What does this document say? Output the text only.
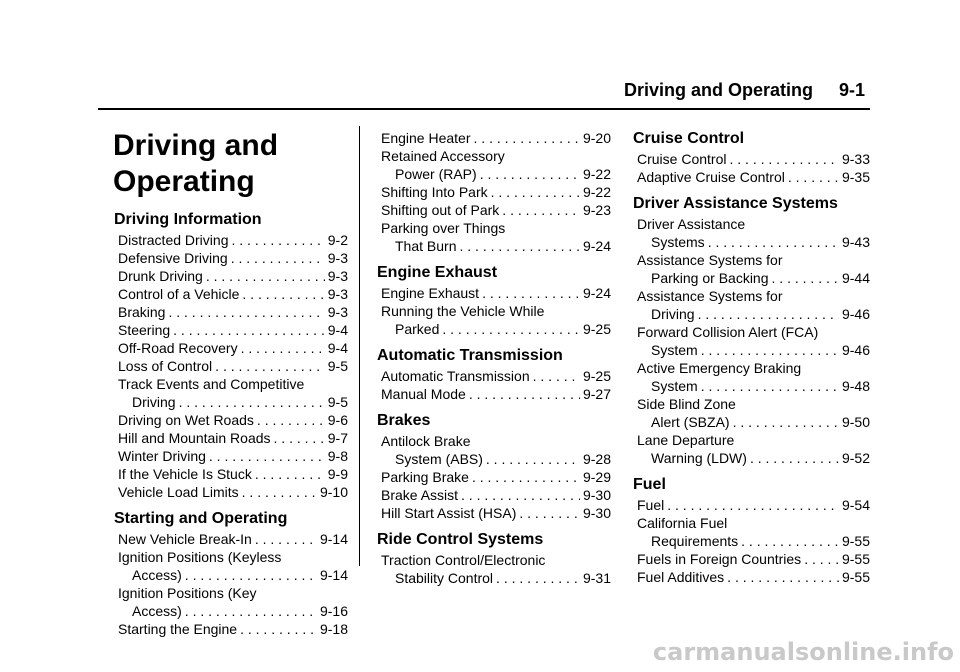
Driving and Operating 9-1
Driving and
Operating
Driving Information
Distracted Driving . . .	9-2
Defensive Driving . . .	9-3
Drunk Driving . . .	9-3
Control of a Vehicle . . .	9-3
Braking . . .	9-3
Steering . . .	9-4
Off-Road Recovery . . .	9-4
Loss of Control . . .	9-5
Track Events and Competitive
Driving . . .	9-5
Driving on Wet Roads . . .	9-6
Hill and Mountain Roads . . .	9-7
Winter Driving . . .	9-8
If the Vehicle Is Stuck . . .	9-9
Vehicle Load Limits . . .	9-10
Starting and Operating
New Vehicle Break-In . . .	9-14
Ignition Positions (Keyless
Access) . . .	9-14
Ignition Positions (Key
Access) . . .	9-16
Starting the Engine . . .	9-18
Engine Heater . . .	9-20
Retained Accessory
Power (RAP) . . .	9-22
Shifting Into Park . . .	9-22
Shifting out of Park . . .	9-23
Parking over Things
That Burn . . .	9-24
Engine Exhaust
Engine Exhaust . . .	9-24
Running the Vehicle While
Parked . . .	9-25
Automatic Transmission
Automatic Transmission . . .	9-25
Manual Mode . . .	9-27
Brakes
Antilock Brake
System (ABS) . . .	9-28
Parking Brake . . .	9-29
Brake Assist . . .	9-30
Hill Start Assist (HSA) . . .	9-30
Ride Control Systems
Traction Control/Electronic
Stability Control . . .	9-31
Cruise Control
Cruise Control . . .	9-33
Adaptive Cruise Control . . .	9-35
Driver Assistance Systems
Driver Assistance
Systems . . .	9-43
Assistance Systems for
Parking or Backing . . .	9-44
Assistance Systems for
Driving . . .	9-46
Forward Collision Alert (FCA)
System . . .	9-46
Active Emergency Braking
System . . .	9-48
Side Blind Zone
Alert (SBZA) . . .	9-50
Lane Departure
Warning (LDW) . . .	9-52
Fuel
Fuel . . .	9-54
California Fuel
Requirements . . .	9-55
Fuels in Foreign Countries . . .	9-55
Fuel Additives . . .	9-55
carmanualsonline.info
